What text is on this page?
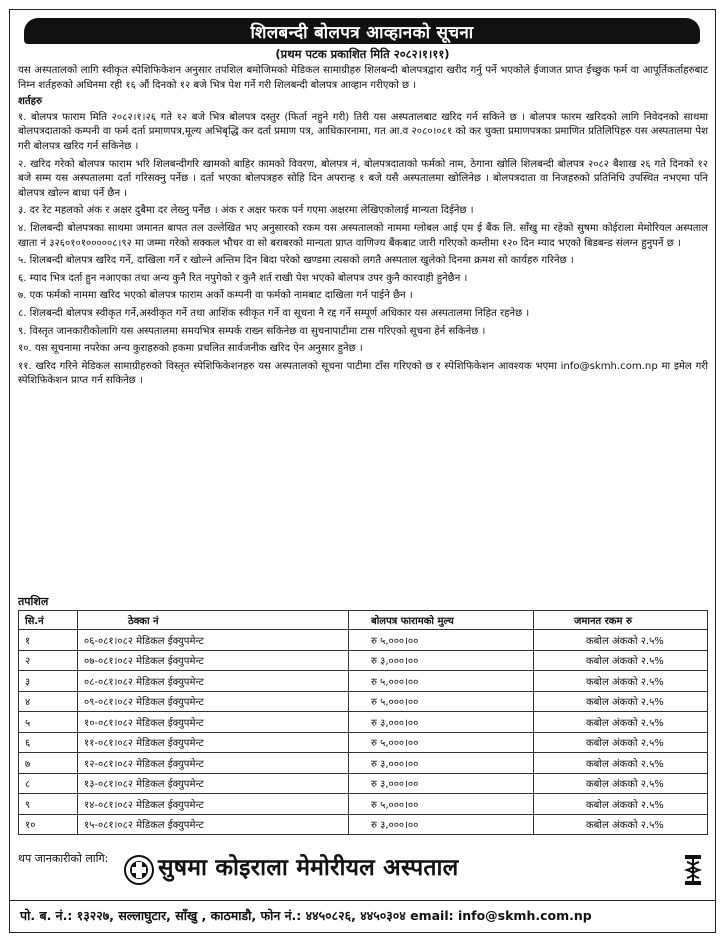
शिलबन्दी बोलपत्र आव्हानको सूचना
(प्रथम पटक प्रकाशित मिति २०८२।१।११)

यस अस्पतालको लागि स्वीकृत स्पेशिफिकेशन अनुसार तपशिल बमोजिमको मेडिकल सामाग्रीहरु शिलबन्दी बोलपत्रद्वारा खरीद गर्नु पर्ने भएकोले ईजाजत प्राप्त ईच्छुक फर्म वा आपूर्तिकर्ताहरुबाट निम्न शर्तहरुको अधिनमा रही १६ औं दिनको १२ बजे भित्र पेश गर्ने गरी शिलबन्दी बोलपत्र आव्हान गरीएको छ ।

शर्तहरु

१. बोलपत्र फाराम मिति २०८२।१।२६ गते १२ बजे भित्र बोलपत्र दस्तुर (फिर्ता नहुने गरी) तिरी यस अस्पतालबाट खरिद गर्न सकिने छ । बोलपत्र फारम खरिदको लागि निवेदनको साथमा बोलपत्रदाताको कम्पनी वा फर्म दर्ता प्रमाणपत्र,मूल्य अभिबृद्धि कर दर्ता प्रमाण पत्र, आधिकारनामा, गत आ.व २०८०।०८१ को कर चुक्ता प्रमाणपत्रका प्रमाणित प्रतिलिपिहरु यस अस्पतालमा पेश गरी बोलपत्र खरिद गर्न सकिनेछ ।

२. खरिद गरेको बोलपत्र फाराम भरि शिलबन्दीगरि खामको बाहिर कामको विवरण, बोलपत्र नं, बोलपत्रदाताको फर्मको नाम, ठेगाना खोलि शिलबन्दी बोलपत्र २०८२ बैशाख २६ गते दिनको १२ बजे सम्म यस अस्पतालमा दर्ता गरिसक्नु पर्नेछ । दर्ता भएका बोलपत्रहरु सोहि दिन अपरान्ह १ बजे यसै अस्पतालमा खोलिनेछ । बोलपत्रदाता वा निजहरुको प्रतिनिधि उपस्थित नभएमा पनि बोलपत्र खोल्न बाधा पर्ने छैन ।

३. दर रेट महलको अंक र अक्षर दुबैमा दर लेख्नु पर्नेछ । अंक र अक्षर फरक पर्न गएमा अक्षरमा लेखिएकोलाई मान्यता दिईनेछ ।

४. शिलबन्दी बोलपत्रका साथमा जमानत बापत तल उल्लेखित भए अनुसारको रकम यस अस्पतालको नाममा ग्लोबल आई एम ई बैंक लि. साँखु मा रहेको सुषमा कोईराला मेमोरियल अस्पताल खाता नं ३२६०१०१०००००८।९२ मा जम्मा गरेको सक्कल भौचर वा सो बराबरको मान्यता प्राप्त वाणिज्य बैंकबाट जारी गरिएको कम्तीमा १२० दिन म्याद भएको बिडबन्ड संलग्न हुनुपर्ने छ ।

५. शिलबन्दी बोलपत्र खरिद गर्ने, दाखिला गर्ने र खोल्ने अन्तिम दिन बिदा परेको खण्डमा त्यसको लगतै अस्पताल खुलेको दिनमा क्रमश सो कार्यहरु गरिनेछ ।

६. म्याद भित्र दर्ता हुन नआएका तथा अन्य कुनै रित नपुगेको र कुनै शर्त राखी पेश भएको बोलपत्र उपर कुनै कारवाही हुनेछैन ।

७. एक फर्मको नाममा खरिद भएको बोलपत्र फाराम अर्को कम्पनी वा फर्मको नामबाट दाखिला गर्न पाईने छैन ।

८. शिलबन्दी बोलपत्र स्वीकृत गर्ने,अस्वीकृत गर्ने तथा आशिंक स्वीकृत गर्ने वा सूचना नै रद्द गर्ने सम्पूर्ण अधिकार यस अस्पतालमा निहित रहनेछ ।

९. विस्तृत जानकारीकोलागि यस अस्पतालमा समयभित्र सम्पर्क राख्न सकिनेछ वा सुचनापाटीमा टास गरिएको सूचना हेर्न सकिनेछ ।

१०. यस सूचनामा नपरेका अन्य कुराहरुको हकमा प्रचलित सार्वजनीक खरिद ऐन अनुसार हुनेछ ।

११. खरिद गरिने मेडिकल सामाग्रीहरुको विस्तृत स्पेशिफिकेशनहरु यस अस्पतालको सूचना पाटीमा टाँस गरिएको छ र स्पेशिफिकेशन आवश्यक भएमा info@skmh.com.np मा इमेल गरी स्पेशिफिकेशन प्राप्त गर्न सकिनेछ ।

तपशिल
सि.नं	ठेक्का नं	बोलपत्र फारामको मुल्य	जमानत रकम रु
१	०६-०८१।०८२ मेडिकल ईक्युपमेन्ट	रु ५,०००।००	कबोल अंकको २.५%
२	०७-०८१।०८२ मेडिकल ईक्युपमेन्ट	रु ३,०००।००	कबोल अंकको २.५%
३	०८-०८१।०८२ मेडिकल ईक्युपमेन्ट	रु ५,०००।००	कबोल अंकको २.५%
४	०९-०८१।०८२ मेडिकल ईक्युपमेन्ट	रु ५,०००।००	कबोल अंकको २.५%
५	१०-०८१।०८२ मेडिकल ईक्युपमेन्ट	रु ३,०००।००	कबोल अंकको २.५%
६	११-०८१।०८२ मेडिकल ईक्युपमेन्ट	रु ५,०००।००	कबोल अंकको २.५%
७	१२-०८१।०८२ मेडिकल ईक्युपमेन्ट	रु ३,०००।००	कबोल अंकको २.५%
८	१३-०८१।०८२ मेडिकल ईक्युपमेन्ट	रु ३,०००।००	कबोल अंकको २.५%
९	१४-०८१।०८२ मेडिकल ईक्युपमेन्ट	रु ५,०००।००	कबोल अंकको २.५%
१०	१५-०८१।०८२ मेडिकल ईक्युपमेन्ट	रु ३,०००।००	कबोल अंकको २.५%
थप जानकारीको लागि: सुषमा कोइराला मेमोरीयल अस्पताल
पो. ब. नं.: १३२२७, सल्लाघुटार, साँखु , काठमाडौ, फोन नं.: ४४५०८२६, ४४५०३०४ email: info@skmh.com.np
